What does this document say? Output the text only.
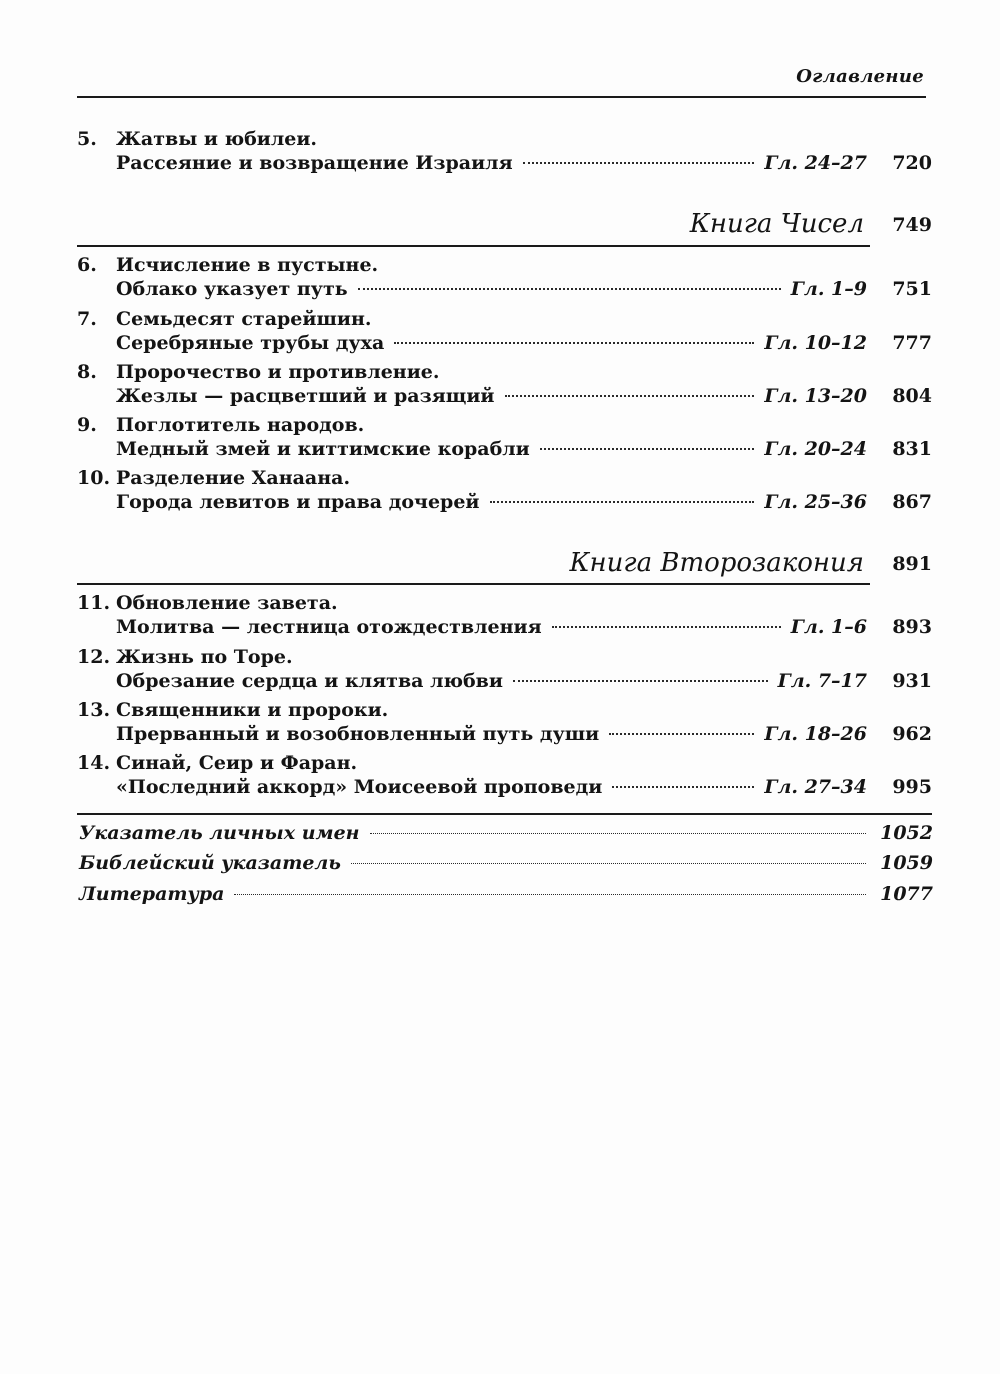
Оглавление
5. Жатвы и юбилеи.
Рассеяние и возвращение Израиля	Гл. 24–27 720
Книга Чисел 749
6. Исчисление в пустыне.
Облако указует путь	Гл. 1–9 751
7. Семьдесят старейшин.
Серебряные трубы духа	Гл. 10–12 777
8. Пророчество и противление.
Жезлы — расцветший и разящий	Гл. 13–20 804
9. Поглотитель народов.
Медный змей и киттимские корабли	Гл. 20–24 831
10. Разделение Ханаана.
Города левитов и права дочерей	Гл. 25–36 867
Книга Второзакония 891
11. Обновление завета.
Молитва — лестница отождествления	Гл. 1–6 893
12. Жизнь по Торе.
Обрезание сердца и клятва любви	Гл. 7–17 931
13. Священники и пророки.
Прерванный и возобновленный путь души	Гл. 18–26 962
14. Синай, Сеир и Фаран.
«Последний аккорд» Моисеевой проповеди	Гл. 27–34 995
Указатель личных имен	1052
Библейский указатель	1059
Литература	1077
